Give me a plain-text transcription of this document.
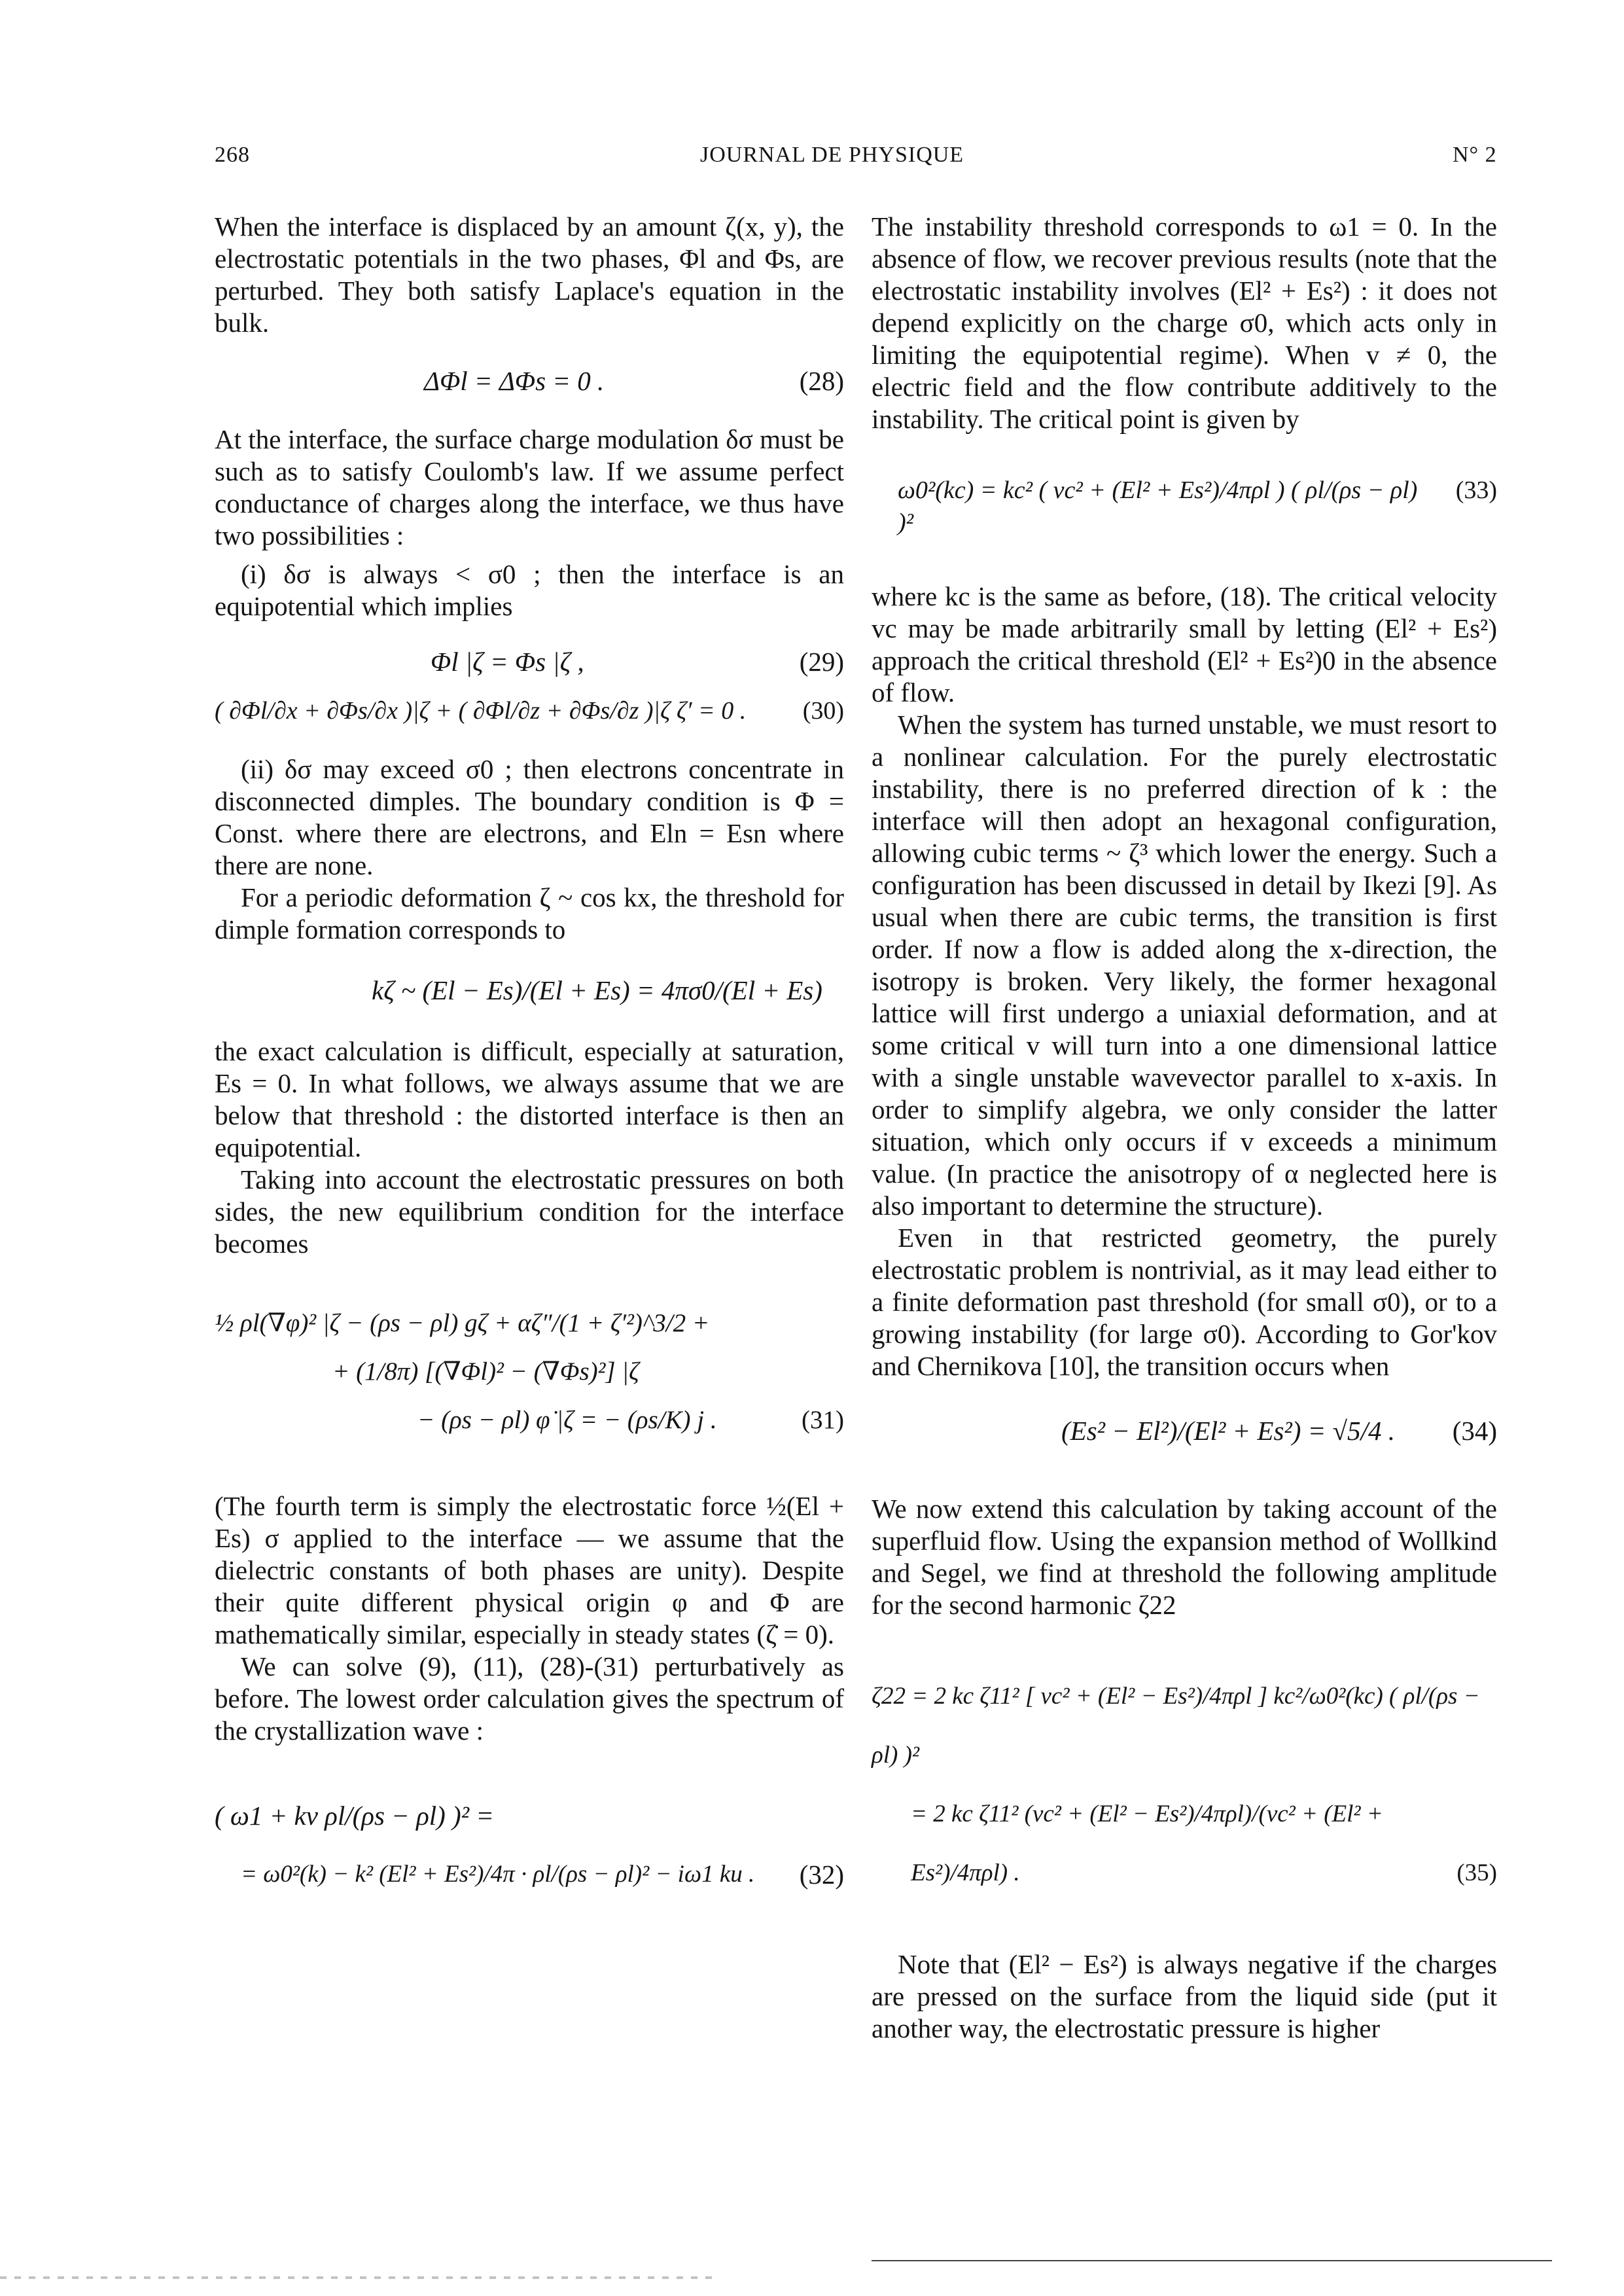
268	JOURNAL DE PHYSIQUE	N° 2

When the interface is displaced by an amount ζ(x, y), the electrostatic potentials in the two phases, Φl and Φs, are perturbed. They both satisfy Laplace's equation in the bulk.

ΔΦl = ΔΦs = 0 .	(28)

At the interface, the surface charge modulation δσ must be such as to satisfy Coulomb's law. If we assume perfect conductance of charges along the interface, we thus have two possibilities :

(i) δσ is always < σ0 ; then the interface is an equipotential which implies

Φl |ζ = Φs |ζ ,	(29)
( ∂Φl/∂x + ∂Φs/∂x )|ζ + ( ∂Φl/∂z + ∂Φs/∂z )|ζ ζ′ = 0 .	(30)

(ii) δσ may exceed σ0 ; then electrons concentrate in disconnected dimples. The boundary condition is Φ = Const. where there are electrons, and Eln = Esn where there are none.

For a periodic deformation ζ ~ cos kx, the threshold for dimple formation corresponds to

kζ ~ (El − Es)/(El + Es) = 4πσ0/(El + Es)

the exact calculation is difficult, especially at saturation, Es = 0. In what follows, we always assume that we are below that threshold : the distorted interface is then an equipotential.

Taking into account the electrostatic pressures on both sides, the new equilibrium condition for the interface becomes

½ ρl(∇φ)² |ζ − (ρs − ρl) gζ + αζ″/(1 + ζ′²)^3/2 +
+ (1/8π) [(∇Φl)² − (∇Φs)²] |ζ
− (ρs − ρl) φ̇ |ζ = − (ρs/K) j .	(31)

(The fourth term is simply the electrostatic force ½(El + Es) σ applied to the interface — we assume that the dielectric constants of both phases are unity). Despite their quite different physical origin φ and Φ are mathematically similar, especially in steady states (ζ̇ = 0).

We can solve (9), (11), (28)-(31) perturbatively as before. The lowest order calculation gives the spectrum of the crystallization wave :

( ω1 + kv ρl/(ρs − ρl) )² =
= ω0²(k) − k² (El² + Es²)/4π · ρl/(ρs − ρl)² − iω1 ku .	(32)

The instability threshold corresponds to ω1 = 0. In the absence of flow, we recover previous results (note that the electrostatic instability involves (El² + Es²) : it does not depend explicitly on the charge σ0, which acts only in limiting the equipotential regime). When v ≠ 0, the electric field and the flow contribute additively to the instability. The critical point is given by

ω0²(kc) = kc² ( vc² + (El² + Es²)/4πρl ) ( ρl/(ρs − ρl) )²
(33)

where kc is the same as before, (18). The critical velocity vc may be made arbitrarily small by letting (El² + Es²) approach the critical threshold (El² + Es²)0 in the absence of flow.

When the system has turned unstable, we must resort to a nonlinear calculation. For the purely electrostatic instability, there is no preferred direction of k : the interface will then adopt an hexagonal configuration, allowing cubic terms ~ ζ³ which lower the energy. Such a configuration has been discussed in detail by Ikezi [9]. As usual when there are cubic terms, the transition is first order. If now a flow is added along the x-direction, the isotropy is broken. Very likely, the former hexagonal lattice will first undergo a uniaxial deformation, and at some critical v will turn into a one dimensional lattice with a single unstable wavevector parallel to x-axis. In order to simplify algebra, we only consider the latter situation, which only occurs if v exceeds a minimum value. (In practice the anisotropy of α neglected here is also important to determine the structure).

Even in that restricted geometry, the purely electrostatic problem is nontrivial, as it may lead either to a finite deformation past threshold (for small σ0), or to a growing instability (for large σ0). According to Gor'kov and Chernikova [10], the transition occurs when

(Es² − El²)/(El² + Es²) = √5/4 .	(34)

We now extend this calculation by taking account of the superfluid flow. Using the expansion method of Wollkind and Segel, we find at threshold the following amplitude for the second harmonic ζ22

ζ22 = 2 kc ζ11² [ vc² + (El² − Es²)/4πρl ] kc²/ω0²(kc) ( ρl/(ρs − ρl) )²
= 2 kc ζ11² (vc² + (El² − Es²)/4πρl)/(vc² + (El² + Es²)/4πρl) .	(35)

Note that (El² − Es²) is always negative if the charges are pressed on the surface from the liquid side (put it another way, the electrostatic pressure is higher
